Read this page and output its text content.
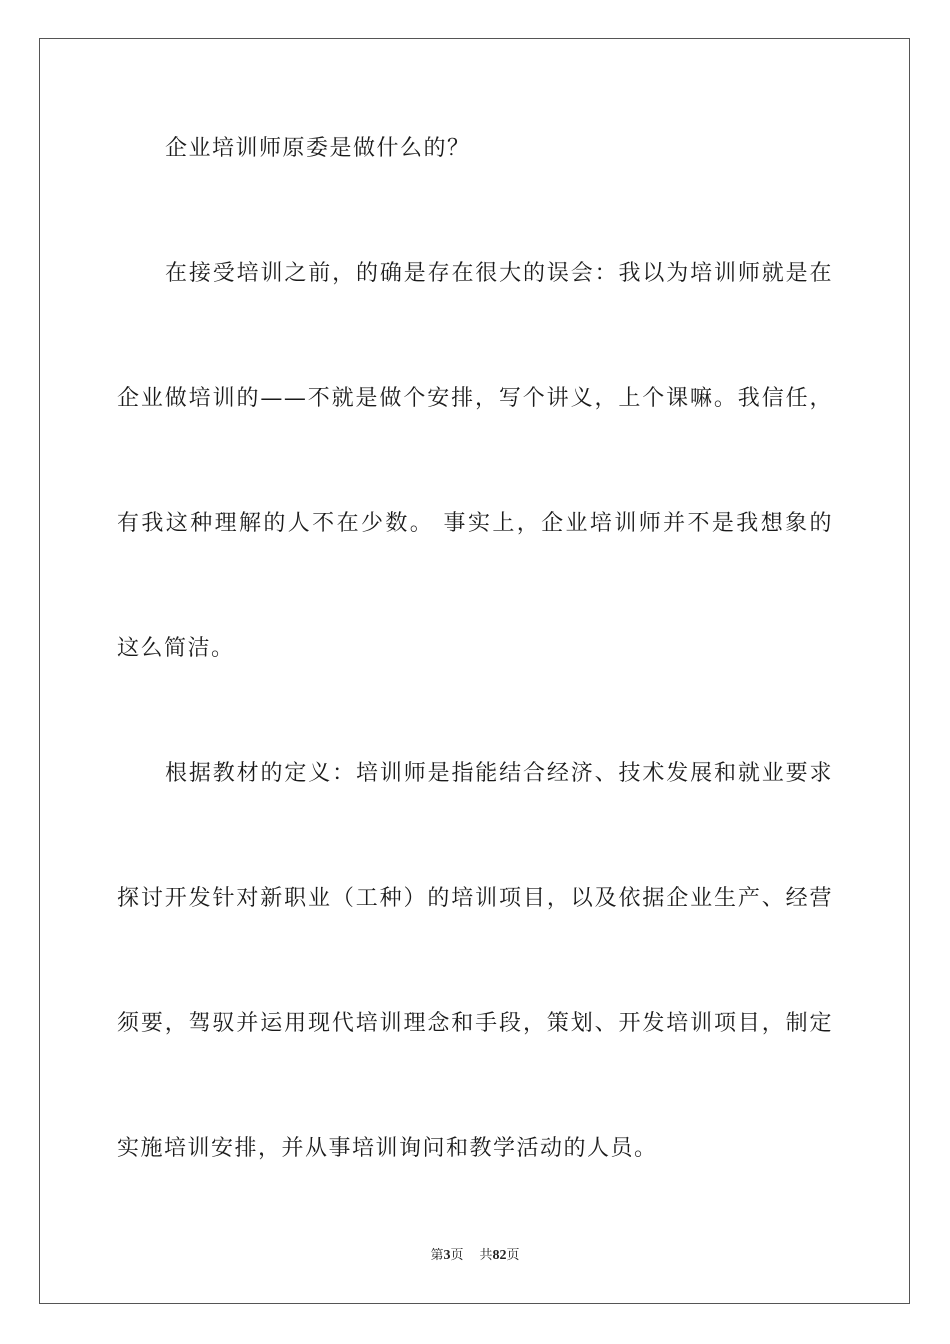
企业培训师原委是做什么的？
在接受培训之前，的确是存在很大的误会：我以为培训师就是在
企业做培训的——不就是做个安排，写个讲义，上个课嘛。我信任，
有我这种理解的人不在少数。 事实上，企业培训师并不是我想象的
这么简洁。
根据教材的定义：培训师是指能结合经济、技术发展和就业要求
探讨开发针对新职业（工种）的培训项目，以及依据企业生产、经营
须要，驾驭并运用现代培训理念和手段，策划、开发培训项目，制定
实施培训安排，并从事培训询问和教学活动的人员。
第3页 共82页
